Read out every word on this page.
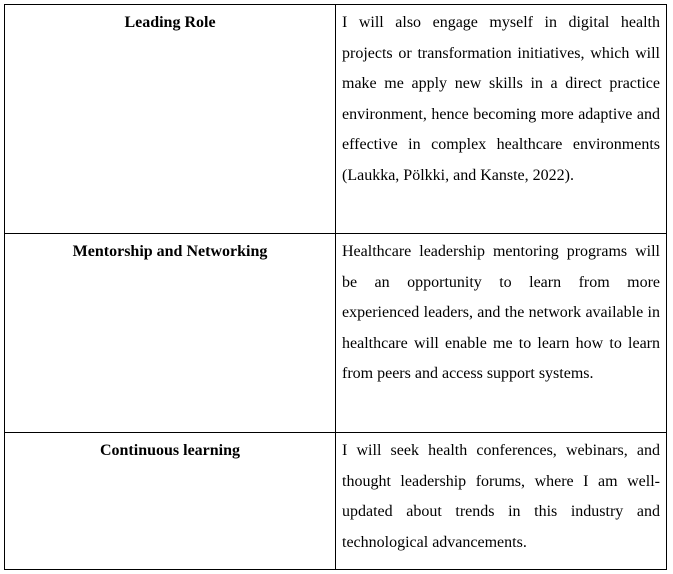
Leading Role	I will also engage myself in digital health projects or transformation initiatives, which will make me apply new skills in a direct practice environment, hence becoming more adaptive and effective in complex healthcare environments (Laukka, Pölkki, and Kanste, 2022).
Mentorship and Networking	Healthcare leadership mentoring programs will be an opportunity to learn from more experienced leaders, and the network available in healthcare will enable me to learn how to learn from peers and access support systems.
Continuous learning	I will seek health conferences, webinars, and thought leadership forums, where I am well-updated about trends in this industry and technological advancements.
